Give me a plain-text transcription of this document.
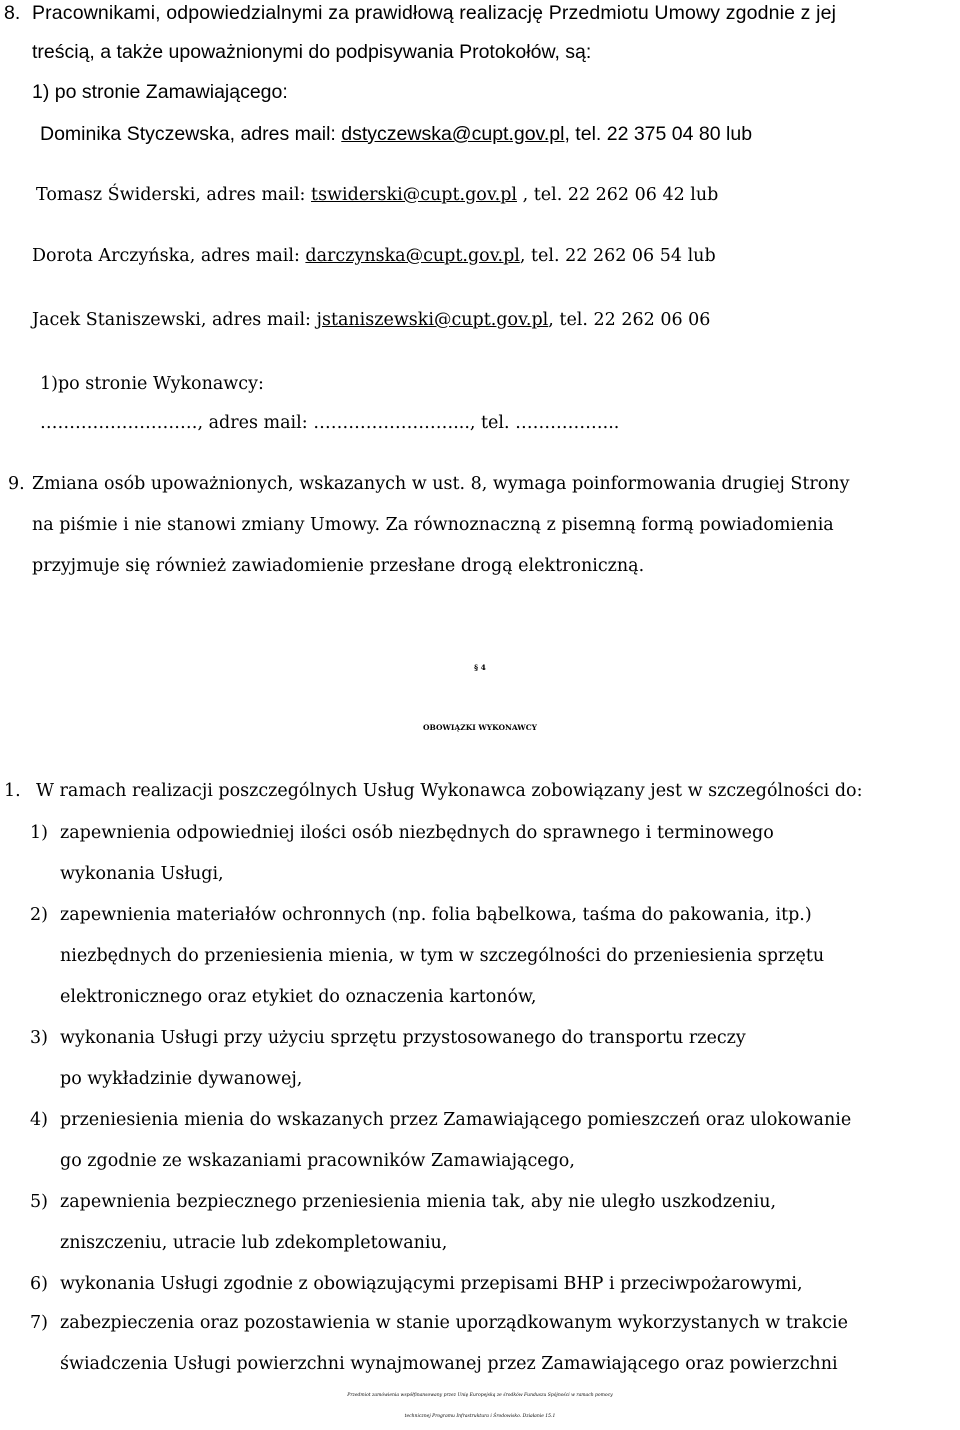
8. Pracownikami, odpowiedzialnymi za prawidłową realizację Przedmiotu Umowy zgodnie z jej
treścią, a także upoważnionymi do podpisywania Protokołów, są:
1) po stronie Zamawiającego:
Dominika Styczewska, adres mail: dstyczewska@cupt.gov.pl, tel. 22 375 04 80 lub
Tomasz Świderski, adres mail: tswiderski@cupt.gov.pl , tel. 22 262 06 42 lub
Dorota Arczyńska, adres mail: darczynska@cupt.gov.pl, tel. 22 262 06 54 lub
Jacek Staniszewski, adres mail: jstaniszewski@cupt.gov.pl, tel. 22 262 06 06
1)po stronie Wykonawcy:
………………………, adres mail: ……………………..., tel. ……………...
9. Zmiana osób upoważnionych, wskazanych w ust. 8, wymaga poinformowania drugiej Strony
na piśmie i nie stanowi zmiany Umowy. Za równoznaczną z pisemną formą powiadomienia
przyjmuje się również zawiadomienie przesłane drogą elektroniczną.
§ 4
OBOWIĄZKI WYKONAWCY
1. W ramach realizacji poszczególnych Usług Wykonawca zobowiązany jest w szczególności do:
1) zapewnienia odpowiedniej ilości osób niezbędnych do sprawnego i terminowego
wykonania Usługi,
2) zapewnienia materiałów ochronnych (np. folia bąbelkowa, taśma do pakowania, itp.)
niezbędnych do przeniesienia mienia, w tym w szczególności do przeniesienia sprzętu
elektronicznego oraz etykiet do oznaczenia kartonów,
3) wykonania Usługi przy użyciu sprzętu przystosowanego do transportu rzeczy
po wykładzinie dywanowej,
4) przeniesienia mienia do wskazanych przez Zamawiającego pomieszczeń oraz ulokowanie
go zgodnie ze wskazaniami pracowników Zamawiającego,
5) zapewnienia bezpiecznego przeniesienia mienia tak, aby nie uległo uszkodzeniu,
zniszczeniu, utracie lub zdekompletowaniu,
6) wykonania Usługi zgodnie z obowiązującymi przepisami BHP i przeciwpożarowymi,
7) zabezpieczenia oraz pozostawienia w stanie uporządkowanym wykorzystanych w trakcie
świadczenia Usługi powierzchni wynajmowanej przez Zamawiającego oraz powierzchni
Przedmiot zamówienia współfinansowany przez Unię Europejską ze środków Funduszu Spójności w ramach pomocy
technicznej Programu Infrastruktura i Środowisko. Działanie 15.1
